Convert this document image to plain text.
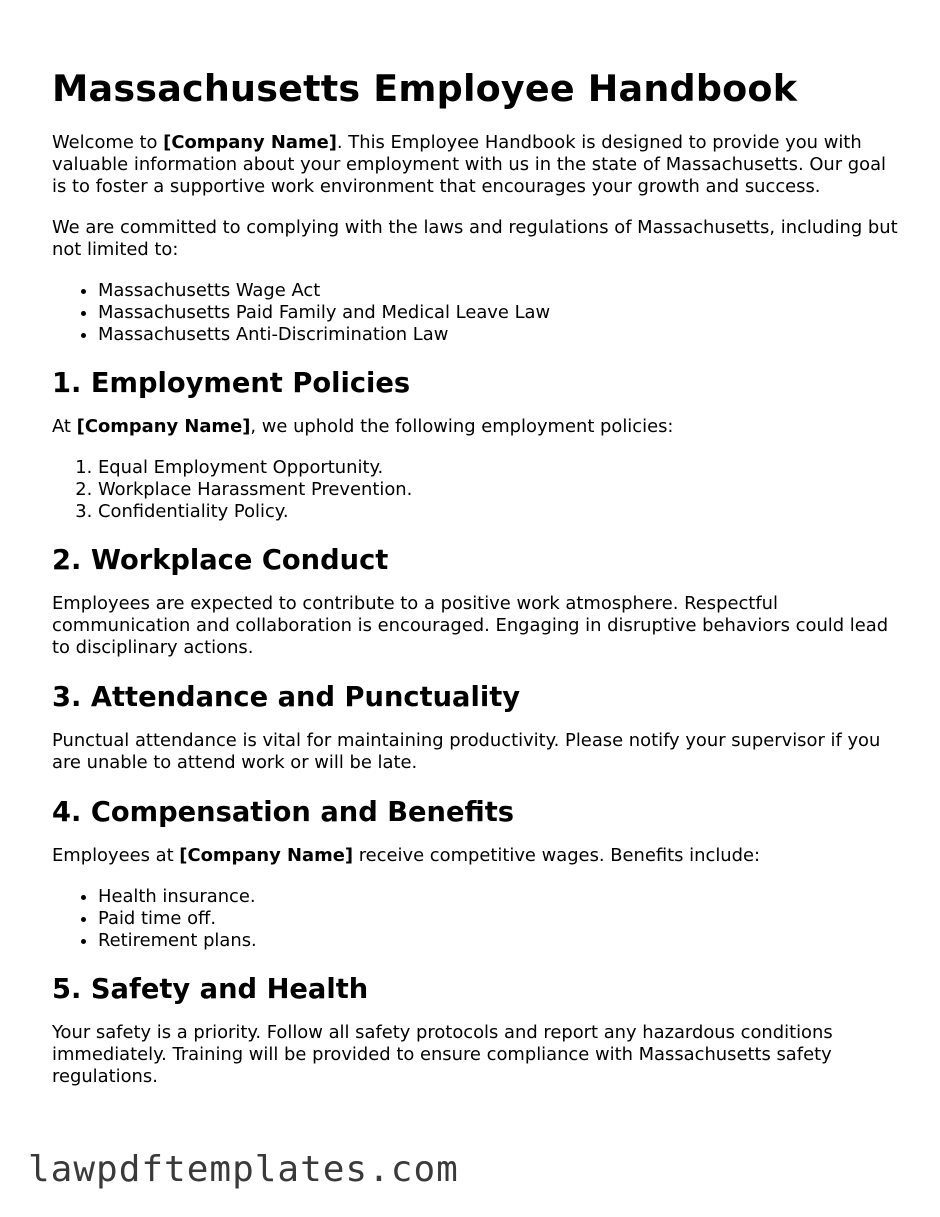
Massachusetts Employee Handbook

Welcome to [Company Name]. This Employee Handbook is designed to provide you with valuable information about your employment with us in the state of Massachusetts. Our goal is to foster a supportive work environment that encourages your growth and success.

We are committed to complying with the laws and regulations of Massachusetts, including but not limited to:

• Massachusetts Wage Act
• Massachusetts Paid Family and Medical Leave Law
• Massachusetts Anti-Discrimination Law
1. Employment Policies

At [Company Name], we uphold the following employment policies:

1. Equal Employment Opportunity.
2. Workplace Harassment Prevention.
3. Confidentiality Policy.
2. Workplace Conduct

Employees are expected to contribute to a positive work atmosphere. Respectful communication and collaboration is encouraged. Engaging in disruptive behaviors could lead to disciplinary actions.

3. Attendance and Punctuality

Punctual attendance is vital for maintaining productivity. Please notify your supervisor if you are unable to attend work or will be late.

4. Compensation and Benefits

Employees at [Company Name] receive competitive wages. Benefits include:

• Health insurance.
• Paid time off.
• Retirement plans.
5. Safety and Health

Your safety is a priority. Follow all safety protocols and report any hazardous conditions immediately. Training will be provided to ensure compliance with Massachusetts safety regulations.

lawpdftemplates.com
